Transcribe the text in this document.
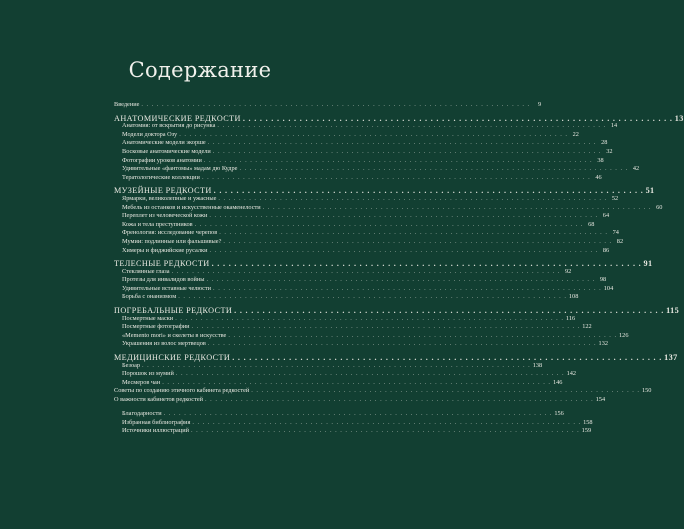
Содержание
Введение . . . . . . . . . . . . . . . . . . . . . . . . . . . . . . . . . . . . . . . . . . . . . . . . . . . . . . . . . . . . . . . . . . . . . . . . . . . .	9
АНАТОМИЧЕСКИЕ РЕДКОСТИ . . . . . . . . . . . . . . . . . . . . . . . . . . . . . . . . . . . . . . . . . . . . . . . . . . . . . . . . . . . . . . . . . . . . . . . . . . . . 13
Анатомия: от вскрытия до рисунка . . . . . . . . . . . . . . . . . . . . . . . . . . . . . . . . . . . . . . . . . . . . . . . . . . . . . . . . . . . . . . . . . . . . . . . . . . . . 14
Модели доктора Озу . . . . . . . . . . . . . . . . . . . . . . . . . . . . . . . . . . . . . . . . . . . . . . . . . . . . . . . . . . . . . . . . . . . . . . . . . . . . 22
Анатомические модели экорше . . . . . . . . . . . . . . . . . . . . . . . . . . . . . . . . . . . . . . . . . . . . . . . . . . . . . . . . . . . . . . . . . . . . . . . . . . . . 28
Восковые анатомические модели . . . . . . . . . . . . . . . . . . . . . . . . . . . . . . . . . . . . . . . . . . . . . . . . . . . . . . . . . . . . . . . . . . . . . . . . . . . . 32
Фотографии уроков анатомии . . . . . . . . . . . . . . . . . . . . . . . . . . . . . . . . . . . . . . . . . . . . . . . . . . . . . . . . . . . . . . . . . . . . . . . . . . . . 38
Удивительные «фантомы» мадам дю Кудре . . . . . . . . . . . . . . . . . . . . . . . . . . . . . . . . . . . . . . . . . . . . . . . . . . . . . . . . . . . . . . . . . . . . . . . . . . . . 42
Тератологические коллекции . . . . . . . . . . . . . . . . . . . . . . . . . . . . . . . . . . . . . . . . . . . . . . . . . . . . . . . . . . . . . . . . . . . . . . . . . . . . 46
МУЗЕЙНЫЕ РЕДКОСТИ . . . . . . . . . . . . . . . . . . . . . . . . . . . . . . . . . . . . . . . . . . . . . . . . . . . . . . . . . . . . . . . . . . . . . . . . . . . . 51
Ярмарки, великолепные и ужасные . . . . . . . . . . . . . . . . . . . . . . . . . . . . . . . . . . . . . . . . . . . . . . . . . . . . . . . . . . . . . . . . . . . . . . . . . . . . 52
Мебель из останков и искусственные окаменелости . . . . . . . . . . . . . . . . . . . . . . . . . . . . . . . . . . . . . . . . . . . . . . . . . . . . . . . . . . . . . . . . . . . . . . . . . . . . 60
Переплет из человеческой кожи . . . . . . . . . . . . . . . . . . . . . . . . . . . . . . . . . . . . . . . . . . . . . . . . . . . . . . . . . . . . . . . . . . . . . . . . . . . . 64
Кожа и тела преступников . . . . . . . . . . . . . . . . . . . . . . . . . . . . . . . . . . . . . . . . . . . . . . . . . . . . . . . . . . . . . . . . . . . . . . . . . . . . 68
Френология: исследование черепов . . . . . . . . . . . . . . . . . . . . . . . . . . . . . . . . . . . . . . . . . . . . . . . . . . . . . . . . . . . . . . . . . . . . . . . . . . . . 74
Мумии: подлинные или фальшивые? . . . . . . . . . . . . . . . . . . . . . . . . . . . . . . . . . . . . . . . . . . . . . . . . . . . . . . . . . . . . . . . . . . . . . . . . . . . . 82
Химеры и фиджийские русалки . . . . . . . . . . . . . . . . . . . . . . . . . . . . . . . . . . . . . . . . . . . . . . . . . . . . . . . . . . . . . . . . . . . . . . . . . . . . 86
ТЕЛЕСНЫЕ РЕДКОСТИ . . . . . . . . . . . . . . . . . . . . . . . . . . . . . . . . . . . . . . . . . . . . . . . . . . . . . . . . . . . . . . . . . . . . . . . . . . . . 91
Стеклянные глаза . . . . . . . . . . . . . . . . . . . . . . . . . . . . . . . . . . . . . . . . . . . . . . . . . . . . . . . . . . . . . . . . . . . . . . . . . . . . 92
Протезы для инвалидов войны . . . . . . . . . . . . . . . . . . . . . . . . . . . . . . . . . . . . . . . . . . . . . . . . . . . . . . . . . . . . . . . . . . . . . . . . . . . . 98
Удивительные вставные челюсти . . . . . . . . . . . . . . . . . . . . . . . . . . . . . . . . . . . . . . . . . . . . . . . . . . . . . . . . . . . . . . . . . . . . . . . . . . . . 104
Борьба с онанизмом . . . . . . . . . . . . . . . . . . . . . . . . . . . . . . . . . . . . . . . . . . . . . . . . . . . . . . . . . . . . . . . . . . . . . . . . . . . . 108
ПОГРЕБАЛЬНЫЕ РЕДКОСТИ . . . . . . . . . . . . . . . . . . . . . . . . . . . . . . . . . . . . . . . . . . . . . . . . . . . . . . . . . . . . . . . . . . . . . . . . . . . . 115
Посмертные маски . . . . . . . . . . . . . . . . . . . . . . . . . . . . . . . . . . . . . . . . . . . . . . . . . . . . . . . . . . . . . . . . . . . . . . . . . . . . 116
Посмертные фотографии . . . . . . . . . . . . . . . . . . . . . . . . . . . . . . . . . . . . . . . . . . . . . . . . . . . . . . . . . . . . . . . . . . . . . . . . . . . . 122
«Memento mori» и скелеты в искусстве . . . . . . . . . . . . . . . . . . . . . . . . . . . . . . . . . . . . . . . . . . . . . . . . . . . . . . . . . . . . . . . . . . . . . . . . . . . . 126
Украшения из волос мертвецов . . . . . . . . . . . . . . . . . . . . . . . . . . . . . . . . . . . . . . . . . . . . . . . . . . . . . . . . . . . . . . . . . . . . . . . . . . . . 132
МЕДИЦИНСКИЕ РЕДКОСТИ . . . . . . . . . . . . . . . . . . . . . . . . . . . . . . . . . . . . . . . . . . . . . . . . . . . . . . . . . . . . . . . . . . . . . . . . . . . . 137
Безоар . . . . . . . . . . . . . . . . . . . . . . . . . . . . . . . . . . . . . . . . . . . . . . . . . . . . . . . . . . . . . . . . . . . . . . . . . . . . 138
Порошок из мумий . . . . . . . . . . . . . . . . . . . . . . . . . . . . . . . . . . . . . . . . . . . . . . . . . . . . . . . . . . . . . . . . . . . . . . . . . . . . 142
Месмеров чан . . . . . . . . . . . . . . . . . . . . . . . . . . . . . . . . . . . . . . . . . . . . . . . . . . . . . . . . . . . . . . . . . . . . . . . . . . . . 146
Советы по созданию этичного кабинета редкостей . . . . . . . . . . . . . . . . . . . . . . . . . . . . . . . . . . . . . . . . . . . . . . . . . . . . . . . . . . . . . . . . . . . . . . . . . . . . 150
О важности кабинетов редкостей . . . . . . . . . . . . . . . . . . . . . . . . . . . . . . . . . . . . . . . . . . . . . . . . . . . . . . . . . . . . . . . . . . . . . . . . . . . . 154
Благодарности . . . . . . . . . . . . . . . . . . . . . . . . . . . . . . . . . . . . . . . . . . . . . . . . . . . . . . . . . . . . . . . . . . . . . . . . . . . . 156
Избранная библиография . . . . . . . . . . . . . . . . . . . . . . . . . . . . . . . . . . . . . . . . . . . . . . . . . . . . . . . . . . . . . . . . . . . . . . . . . . . . 158
Источники иллюстраций . . . . . . . . . . . . . . . . . . . . . . . . . . . . . . . . . . . . . . . . . . . . . . . . . . . . . . . . . . . . . . . . . . . . . . . . . . . . 159
